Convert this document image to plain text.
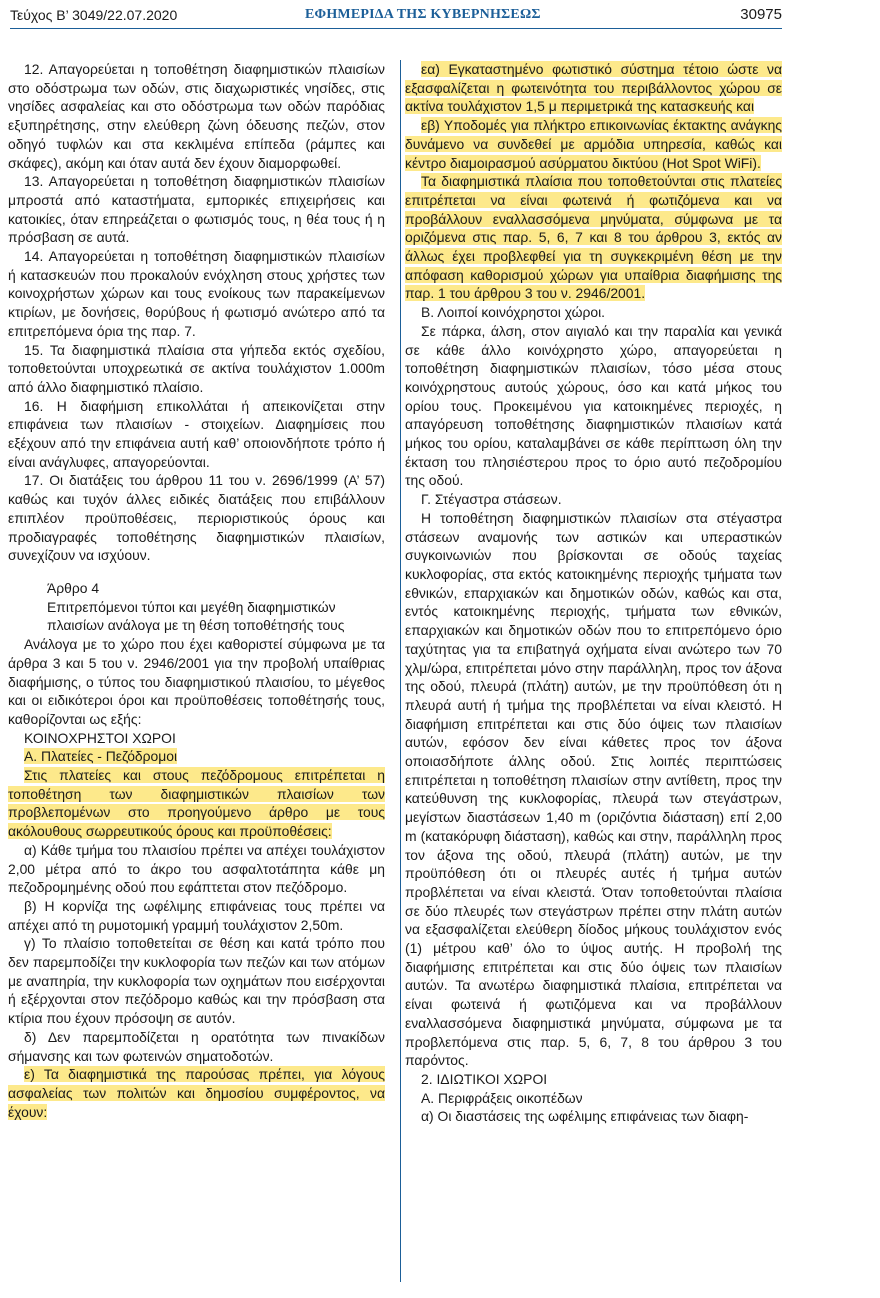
Τεύχος Β’ 3049/22.07.2020	ΕΦΗΜΕΡΙΔΑ ΤΗΣ ΚΥΒΕΡΝΗΣΕΩΣ	30975

12. Απαγορεύεται η τοποθέτηση διαφημιστικών πλαισίων στο οδόστρωμα των οδών, στις διαχωριστικές νησίδες, στις νησίδες ασφαλείας και στο οδόστρωμα των οδών παρόδιας εξυπηρέτησης, στην ελεύθερη ζώνη όδευσης πεζών, στον οδηγό τυφλών και στα κεκλιμένα επίπεδα (ράμπες και σκάφες), ακόμη και όταν αυτά δεν έχουν διαμορφωθεί.

13. Απαγορεύεται η τοποθέτηση διαφημιστικών πλαισίων μπροστά από καταστήματα, εμπορικές επιχειρήσεις και κατοικίες, όταν επηρεάζεται ο φωτισμός τους, η θέα τους ή η πρόσβαση σε αυτά.

14. Απαγορεύεται η τοποθέτηση διαφημιστικών πλαισίων ή κατασκευών που προκαλούν ενόχληση στους χρήστες των κοινοχρήστων χώρων και τους ενοίκους των παρακείμενων κτιρίων, με δονήσεις, θορύβους ή φωτισμό ανώτερο από τα επιτρεπόμενα όρια της παρ. 7.

15. Τα διαφημιστικά πλαίσια στα γήπεδα εκτός σχεδίου, τοποθετούνται υποχρεωτικά σε ακτίνα τουλάχιστον 1.000m από άλλο διαφημιστικό πλαίσιο.

16. Η διαφήμιση επικολλάται ή απεικονίζεται στην επιφάνεια των πλαισίων - στοιχείων. Διαφημίσεις που εξέχουν από την επιφάνεια αυτή καθ’ οποιονδήποτε τρόπο ή είναι ανάγλυφες, απαγορεύονται.

17. Οι διατάξεις του άρθρου 11 του ν. 2696/1999 (Α’ 57) καθώς και τυχόν άλλες ειδικές διατάξεις που επιβάλλουν επιπλέον προϋποθέσεις, περιοριστικούς όρους και προδιαγραφές τοποθέτησης διαφημιστικών πλαισίων, συνεχίζουν να ισχύουν.

Άρθρο 4

Επιτρεπόμενοι τύποι και μεγέθη διαφημιστικών πλαισίων ανάλογα με τη θέση τοποθέτησής τους

Ανάλογα με το χώρο που έχει καθοριστεί σύμφωνα με τα άρθρα 3 και 5 του ν. 2946/2001 για την προβολή υπαίθριας διαφήμισης, ο τύπος του διαφημιστικού πλαισίου, το μέγεθος και οι ειδικότεροι όροι και προϋποθέσεις τοποθέτησής τους, καθορίζονται ως εξής:

ΚΟΙΝΟΧΡΗΣΤΟΙ ΧΩΡΟΙ

Α. Πλατείες - Πεζόδρομοι

Στις πλατείες και στους πεζόδρομους επιτρέπεται η τοποθέτηση των διαφημιστικών πλαισίων των προβλεπομένων στο προηγούμενο άρθρο με τους ακόλουθους σωρρευτικούς όρους και προϋποθέσεις:

α) Κάθε τμήμα του πλαισίου πρέπει να απέχει τουλάχιστον 2,00 μέτρα από το άκρο του ασφαλτοτάπητα κάθε μη πεζοδρομημένης οδού που εφάπτεται στον πεζόδρομο.

β) Η κορνίζα της ωφέλιμης επιφάνειας τους πρέπει να απέχει από τη ρυμοτομική γραμμή τουλάχιστον 2,50m.

γ) Το πλαίσιο τοποθετείται σε θέση και κατά τρόπο που δεν παρεμποδίζει την κυκλοφορία των πεζών και των ατόμων με αναπηρία, την κυκλοφορία των οχημάτων που εισέρχονται ή εξέρχονται στον πεζόδρομο καθώς και την πρόσβαση στα κτίρια που έχουν πρόσοψη σε αυτόν.

δ) Δεν παρεμποδίζεται η ορατότητα των πινακίδων σήμανσης και των φωτεινών σηματοδοτών.

ε) Τα διαφημιστικά της παρούσας πρέπει, για λόγους ασφαλείας των πολιτών και δημοσίου συμφέροντος, να έχουν:

εα) Εγκαταστημένο φωτιστικό σύστημα τέτοιο ώστε να εξασφαλίζεται η φωτεινότητα του περιβάλλοντος χώρου σε ακτίνα τουλάχιστον 1,5 μ περιμετρικά της κατασκευής και

εβ) Υποδομές για πλήκτρο επικοινωνίας έκτακτης ανάγκης δυνάμενο να συνδεθεί με αρμόδια υπηρεσία, καθώς και κέντρο διαμοιρασμού ασύρματου δικτύου (Hot Spot WiFi).

Τα διαφημιστικά πλαίσια που τοποθετούνται στις πλατείες επιτρέπεται να είναι φωτεινά ή φωτιζόμενα και να προβάλλουν εναλλασσόμενα μηνύματα, σύμφωνα με τα οριζόμενα στις παρ. 5, 6, 7 και 8 του άρθρου 3, εκτός αν άλλως έχει προβλεφθεί για τη συγκεκριμένη θέση με την απόφαση καθορισμού χώρων για υπαίθρια διαφήμισης της παρ. 1 του άρθρου 3 του ν. 2946/2001.

Β. Λοιποί κοινόχρηστοι χώροι.

Σε πάρκα, άλση, στον αιγιαλό και την παραλία και γενικά σε κάθε άλλο κοινόχρηστο χώρο, απαγορεύεται η τοποθέτηση διαφημιστικών πλαισίων, τόσο μέσα στους κοινόχρηστους αυτούς χώρους, όσο και κατά μήκος του ορίου τους. Προκειμένου για κατοικημένες περιοχές, η απαγόρευση τοποθέτησης διαφημιστικών πλαισίων κατά μήκος του ορίου, καταλαμβάνει σε κάθε περίπτωση όλη την έκταση του πλησιέστερου προς το όριο αυτό πεζοδρομίου της οδού.

Γ. Στέγαστρα στάσεων.

Η τοποθέτηση διαφημιστικών πλαισίων στα στέγαστρα στάσεων αναμονής των αστικών και υπεραστικών συγκοινωνιών που βρίσκονται σε οδούς ταχείας κυκλοφορίας, στα εκτός κατοικημένης περιοχής τμήματα των εθνικών, επαρχιακών και δημοτικών οδών, καθώς και στα, εντός κατοικημένης περιοχής, τμήματα των εθνικών, επαρχιακών και δημοτικών οδών που το επιτρεπόμενο όριο ταχύτητας για τα επιβατηγά οχήματα είναι ανώτερο των 70 χλμ/ώρα, επιτρέπεται μόνο στην παράλληλη, προς τον άξονα της οδού, πλευρά (πλάτη) αυτών, με την προϋπόθεση ότι η πλευρά αυτή ή τμήμα της προβλέπεται να είναι κλειστό. Η διαφήμιση επιτρέπεται και στις δύο όψεις των πλαισίων αυτών, εφόσον δεν είναι κάθετες προς τον άξονα οποιασδήποτε άλλης οδού. Στις λοιπές περιπτώσεις επιτρέπεται η τοποθέτηση πλαισίων στην αντίθετη, προς την κατεύθυνση της κυκλοφορίας, πλευρά των στεγάστρων, μεγίστων διαστάσεων 1,40 m (οριζόντια διάσταση) επί 2,00 m (κατακόρυφη διάσταση), καθώς και στην, παράλληλη προς τον άξονα της οδού, πλευρά (πλάτη) αυτών, με την προϋπόθεση ότι οι πλευρές αυτές ή τμήμα αυτών προβλέπεται να είναι κλειστά. Όταν τοποθετούνται πλαίσια σε δύο πλευρές των στεγάστρων πρέπει στην πλάτη αυτών να εξασφαλίζεται ελεύθερη δίοδος μήκους τουλάχιστον ενός (1) μέτρου καθ’ όλο το ύψος αυτής. Η προβολή της διαφήμισης επιτρέπεται και στις δύο όψεις των πλαισίων αυτών. Τα ανωτέρω διαφημιστικά πλαίσια, επιτρέπεται να είναι φωτεινά ή φωτιζόμενα και να προβάλλουν εναλλασσόμενα διαφημιστικά μηνύματα, σύμφωνα με τα προβλεπόμενα στις παρ. 5, 6, 7, 8 του άρθρου 3 του παρόντος.

2. ΙΔΙΩΤΙΚΟΙ ΧΩΡΟΙ

Α. Περιφράξεις οικοπέδων

α) Οι διαστάσεις της ωφέλιμης επιφάνειας των διαφη-
